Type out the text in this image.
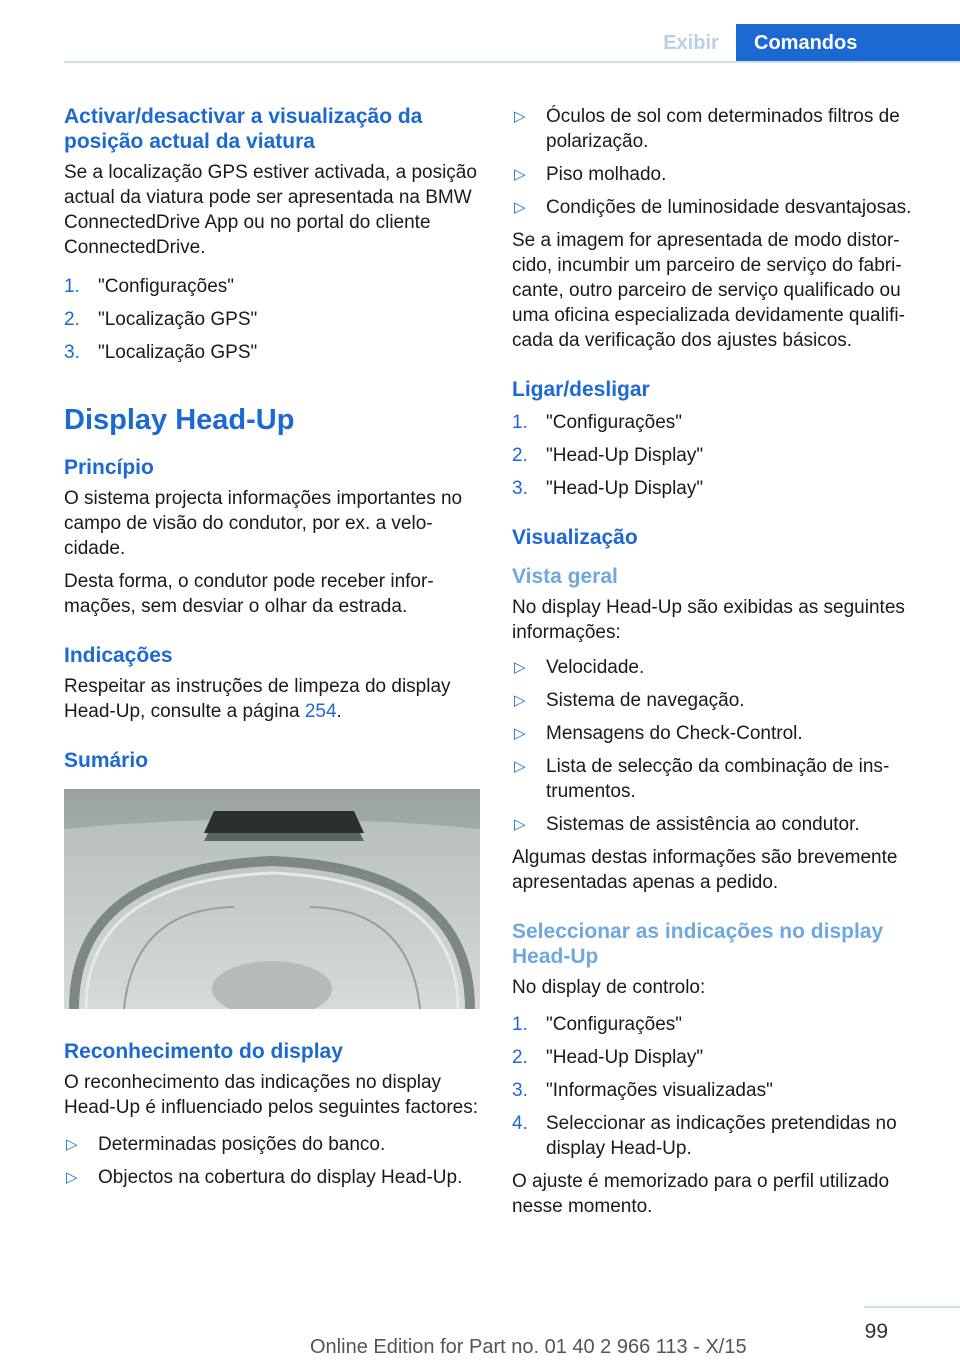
Exibir	Comandos
Activar/desactivar a visualização da posição actual da viatura

Se a localização GPS estiver activada, a posição actual da viatura pode ser apresentada na BMW ConnectedDrive App ou no portal do cliente ConnectedDrive.

1. "Configurações"
2. "Localização GPS"
3. "Localização GPS"
Display Head-Up
Princípio

O sistema projecta informações importantes no campo de visão do condutor, por ex. a velocidade.

Desta forma, o condutor pode receber informações, sem desviar o olhar da estrada.

Indicações

Respeitar as instruções de limpeza do display Head-Up, consulte a página 254.

Sumário
Reconhecimento do display

O reconhecimento das indicações no display Head-Up é influenciado pelos seguintes factores:

▷ Determinadas posições do banco.
▷ Objectos na cobertura do display Head-Up.
▷ Óculos de sol com determinados filtros de polarização.
▷ Piso molhado.
▷ Condições de luminosidade desvantajosas.

Se a imagem for apresentada de modo distorcido, incumbir um parceiro de serviço do fabricante, outro parceiro de serviço qualificado ou uma oficina especializada devidamente qualificada da verificação dos ajustes básicos.

Ligar/desligar
1. "Configurações"
2. "Head-Up Display"
3. "Head-Up Display"
Visualização
Vista geral

No display Head-Up são exibidas as seguintes informações:

▷ Velocidade.
▷ Sistema de navegação.
▷ Mensagens do Check-Control.
▷ Lista de selecção da combinação de instrumentos.
▷ Sistemas de assistência ao condutor.

Algumas destas informações são brevemente apresentadas apenas a pedido.

Seleccionar as indicações no display Head-Up

No display de controlo:

1. "Configurações"
2. "Head-Up Display"
3. "Informações visualizadas"
4. Seleccionar as indicações pretendidas no display Head-Up.

O ajuste é memorizado para o perfil utilizado nesse momento.

99
Online Edition for Part no. 01 40 2 966 113 - X/15
